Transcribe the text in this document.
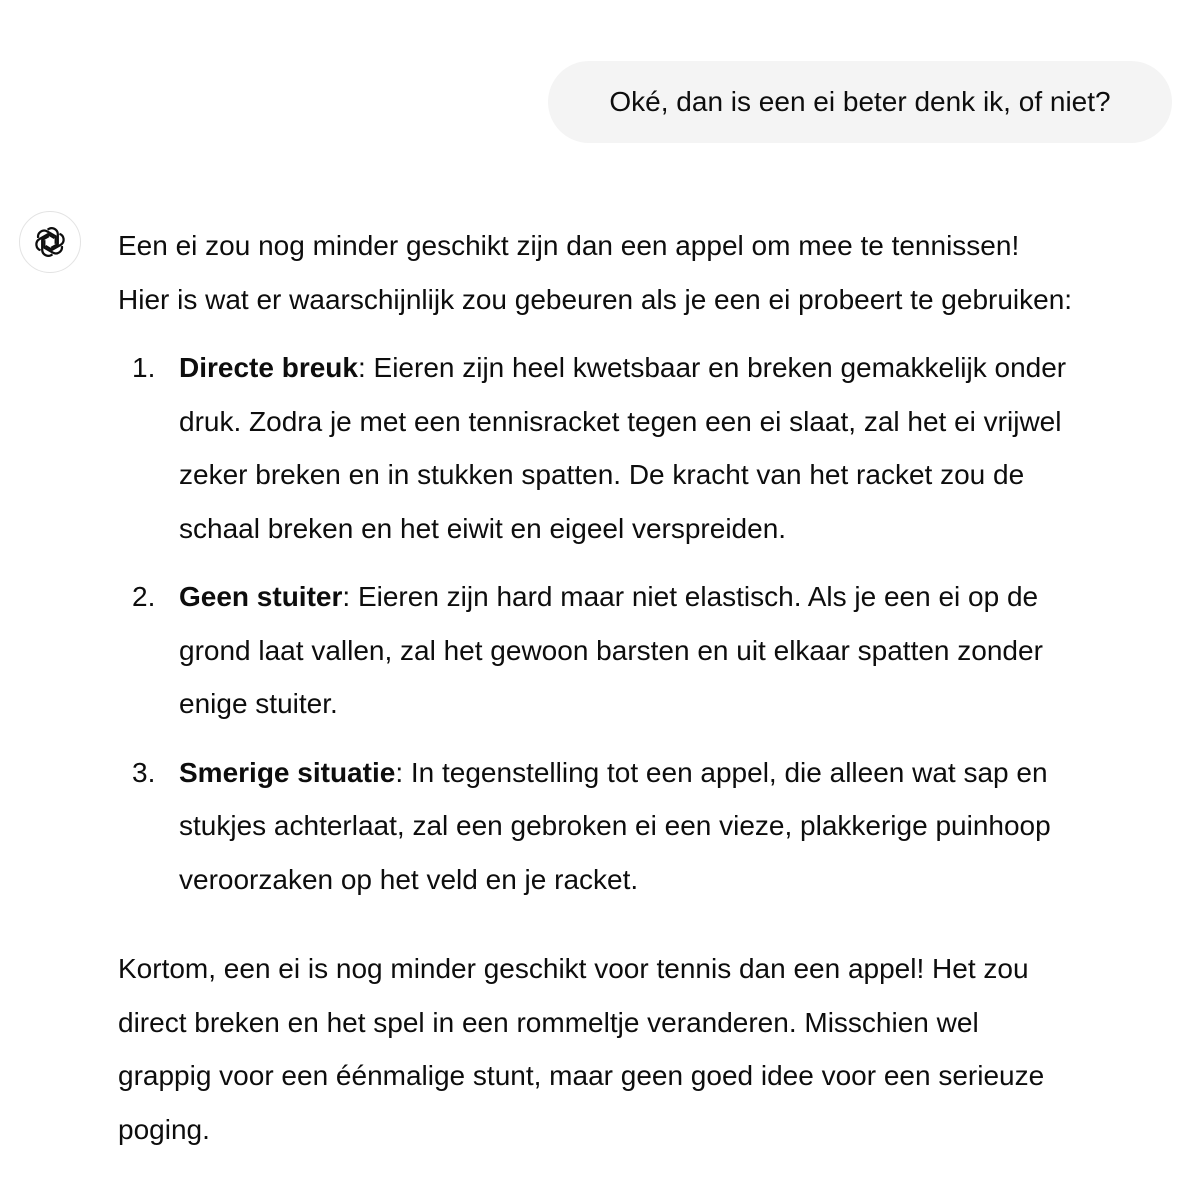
Oké, dan is een ei beter denk ik, of niet?

Een ei zou nog minder geschikt zijn dan een appel om mee te tennissen!
Hier is wat er waarschijnlijk zou gebeuren als je een ei probeert te gebruiken:

1. Directe breuk: Eieren zijn heel kwetsbaar en breken gemakkelijk onder
druk. Zodra je met een tennisracket tegen een ei slaat, zal het ei vrijwel
zeker breken en in stukken spatten. De kracht van het racket zou de
schaal breken en het eiwit en eigeel verspreiden.
2. Geen stuiter: Eieren zijn hard maar niet elastisch. Als je een ei op de
grond laat vallen, zal het gewoon barsten en uit elkaar spatten zonder
enige stuiter.
3. Smerige situatie: In tegenstelling tot een appel, die alleen wat sap en
stukjes achterlaat, zal een gebroken ei een vieze, plakkerige puinhoop
veroorzaken op het veld en je racket.

Kortom, een ei is nog minder geschikt voor tennis dan een appel! Het zou
direct breken en het spel in een rommeltje veranderen. Misschien wel
grappig voor een éénmalige stunt, maar geen goed idee voor een serieuze
poging.
